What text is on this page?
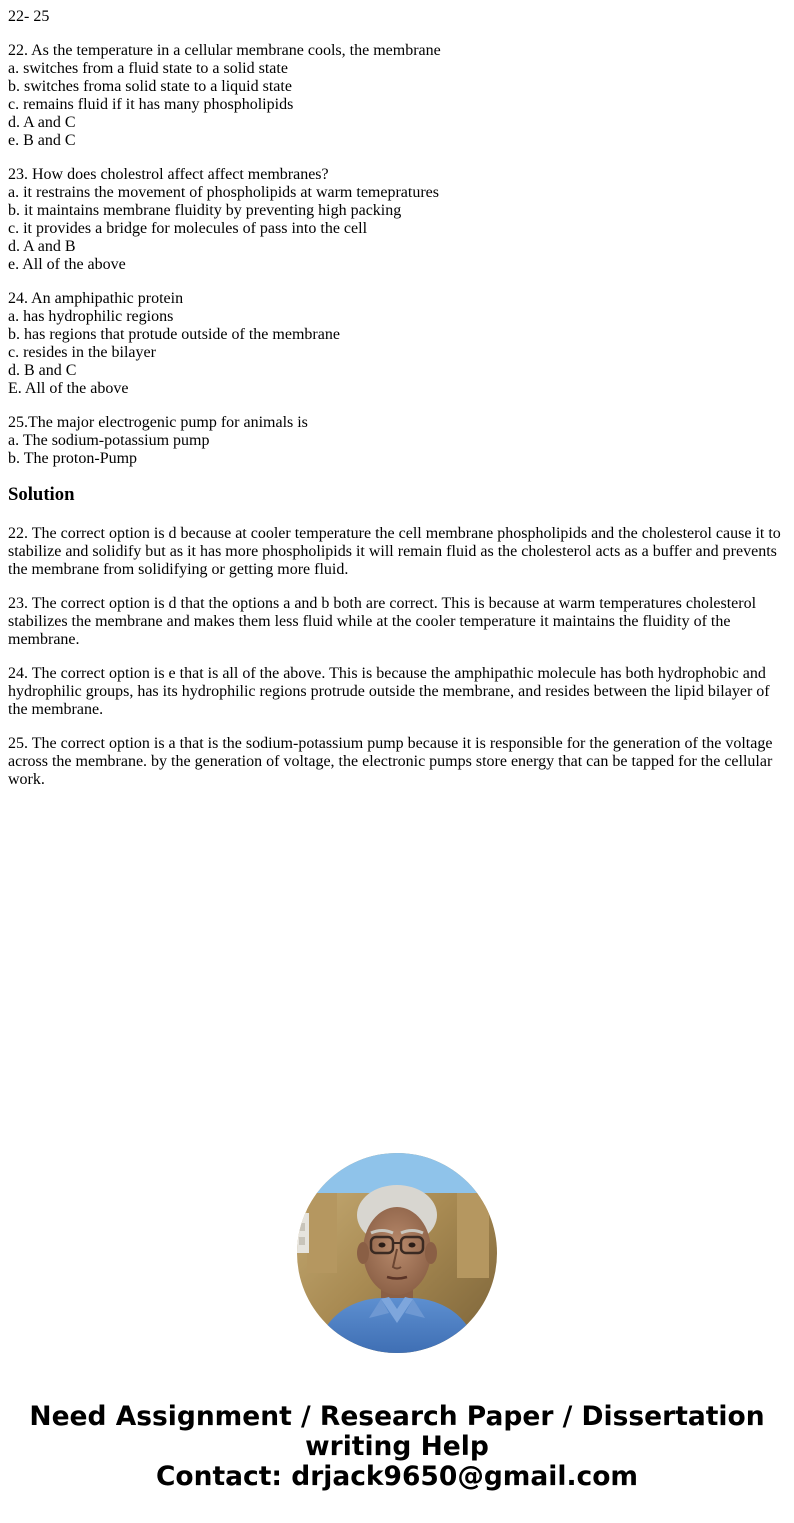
22- 25
22. As the temperature in a cellular membrane cools, the membrane
a. switches from a fluid state to a solid state
b. switches froma solid state to a liquid state
c. remains fluid if it has many phospholipids
d. A and C
e. B and C
23. How does cholestrol affect affect membranes?
a. it restrains the movement of phospholipids at warm temepratures
b. it maintains membrane fluidity by preventing high packing
c. it provides a bridge for molecules of pass into the cell
d. A and B
e. All of the above
24. An amphipathic protein
a. has hydrophilic regions
b. has regions that protude outside of the membrane
c. resides in the bilayer
d. B and C
E. All of the above
25.The major electrogenic pump for animals is
a. The sodium-potassium pump
b. The proton-Pump
Solution

22. The correct option is d because at cooler temperature the cell membrane phospholipids and the cholesterol cause it to stabilize and solidify but as it has more phospholipids it will remain fluid as the cholesterol acts as a buffer and prevents the membrane from solidifying or getting more fluid.

23. The correct option is d that the options a and b both are correct. This is because at warm temperatures cholesterol stabilizes the membrane and makes them less fluid while at the cooler temperature it maintains the fluidity of the membrane.

24. The correct option is e that is all of the above. This is because the amphipathic molecule has both hydrophobic and hydrophilic groups, has its hydrophilic regions protrude outside the membrane, and resides between the lipid bilayer of the membrane.

25. The correct option is a that is the sodium-potassium pump because it is responsible for the generation of the voltage across the membrane. by the generation of voltage, the electronic pumps store energy that can be tapped for the cellular work.

Need Assignment / Research Paper / Dissertation
writing Help
Contact: drjack9650@gmail.com
